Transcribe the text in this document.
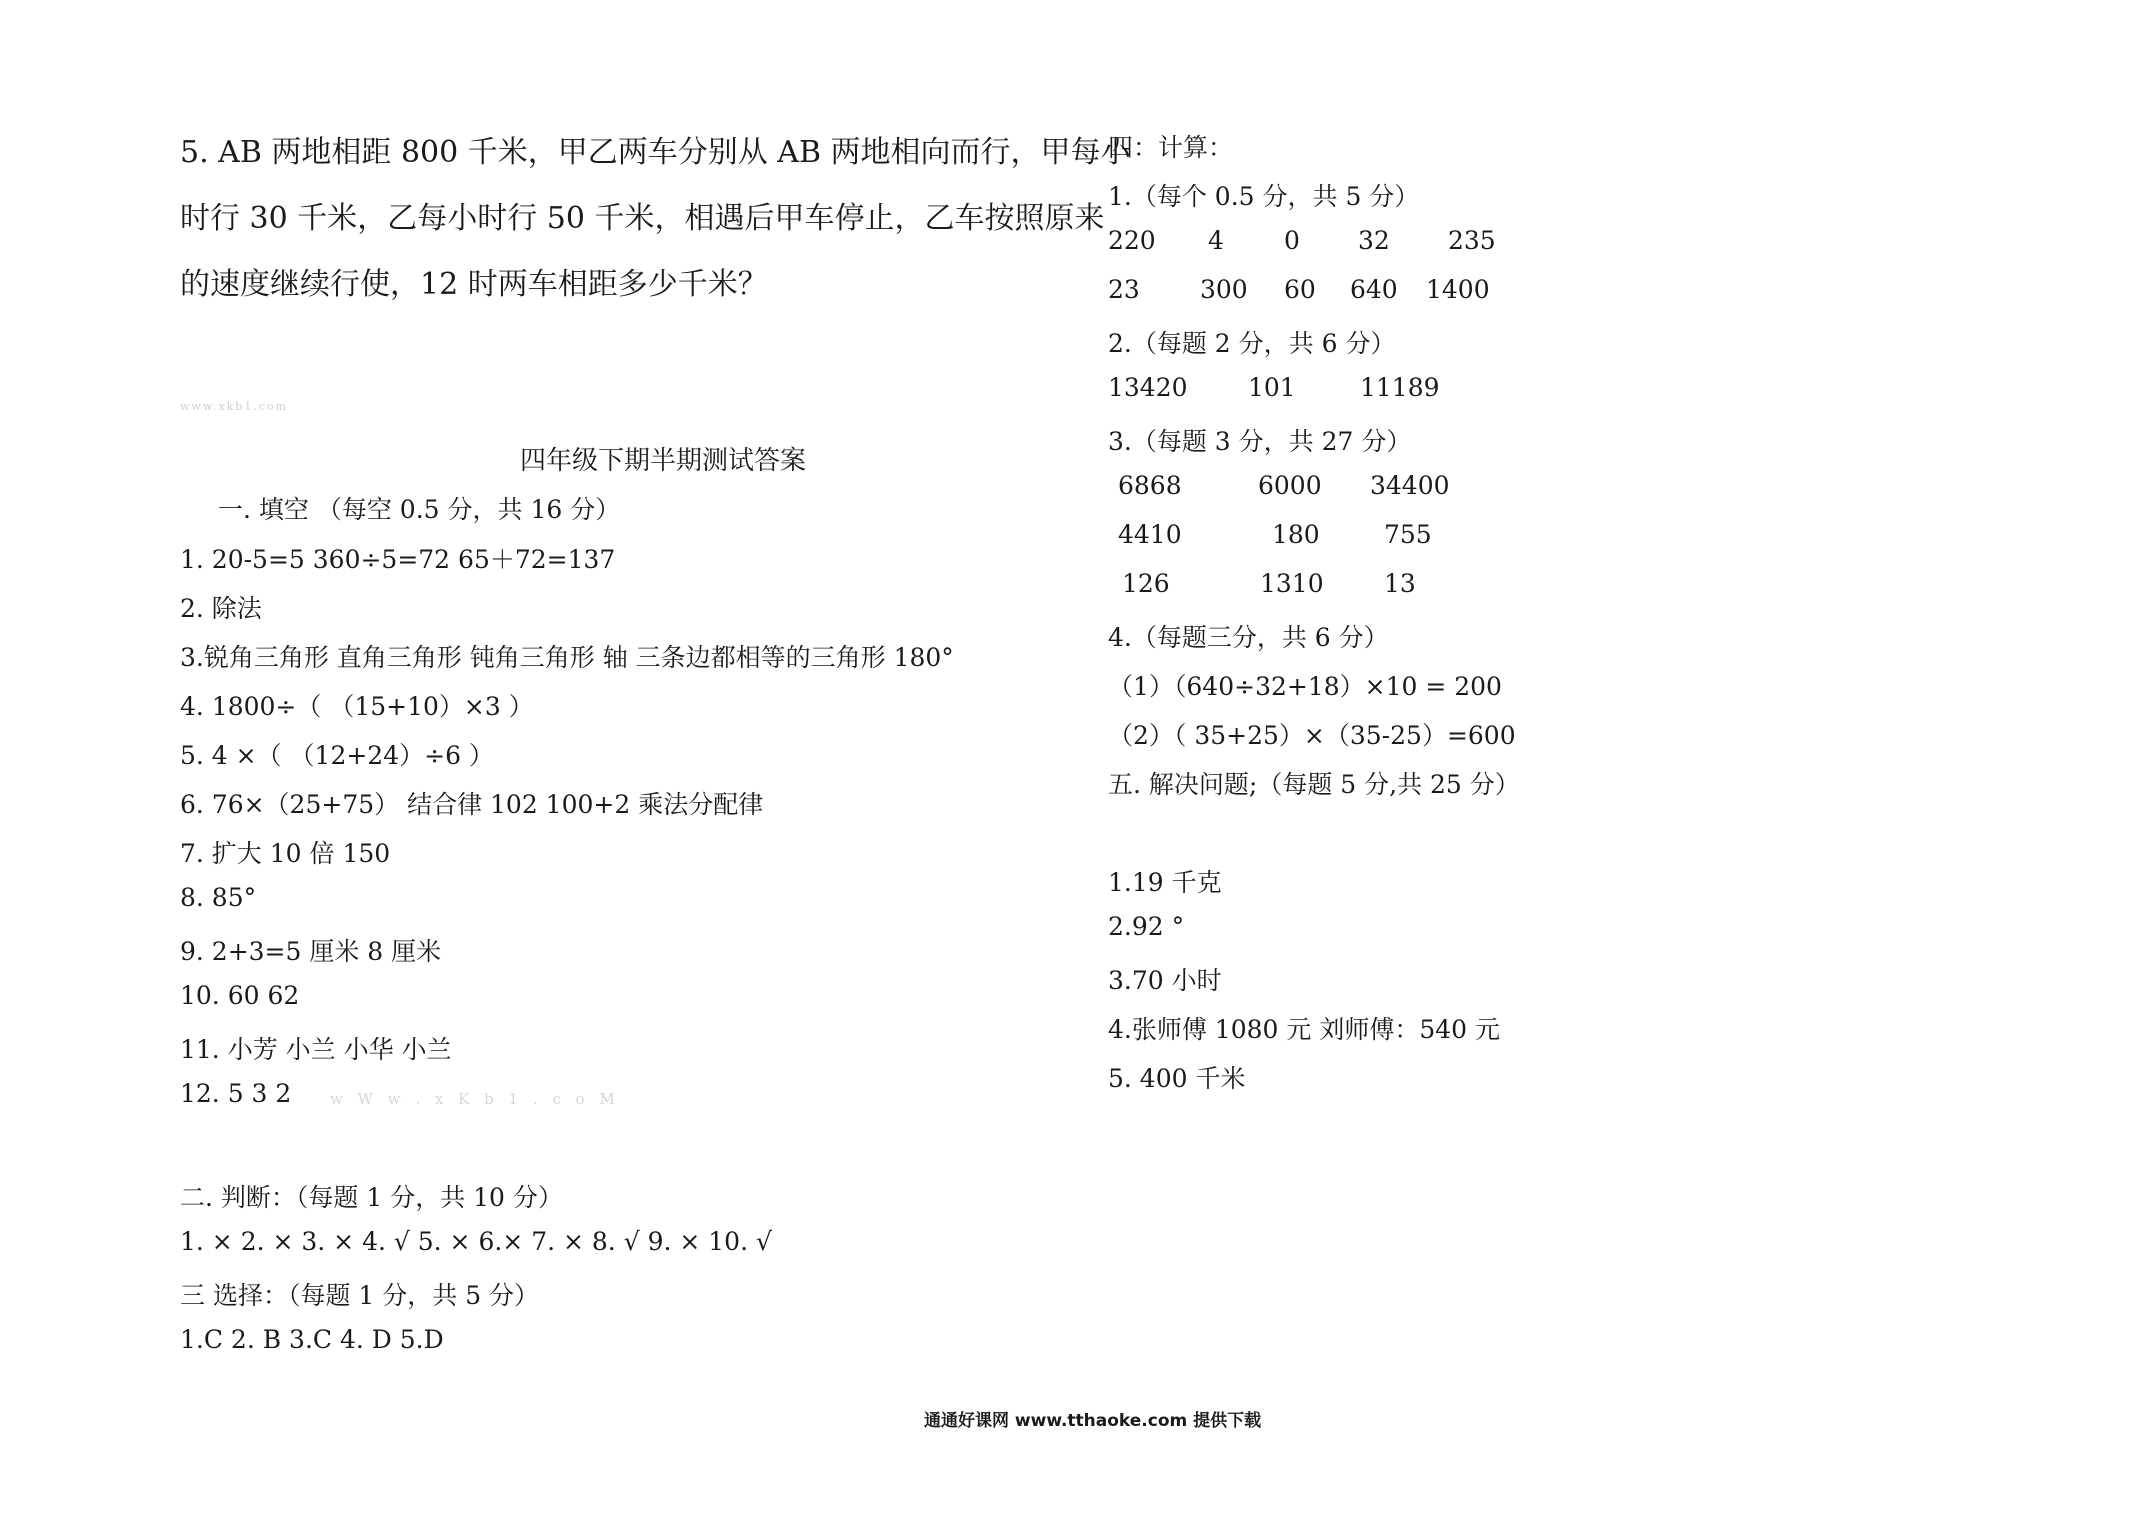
5. AB 两地相距 800 千米，甲乙两车分别从 AB 两地相向而行，甲每小
时行 30 千米，乙每小时行 50 千米，相遇后甲车停止，乙车按照原来
的速度继续行使，12 时两车相距多少千米？
www.xkb1.com
四年级下期半期测试答案
一. 填空 （每空 0.5 分，共 16 分）
1. 20-5=5 360÷5=72 65＋72=137
2. 除法
3.锐角三角形 直角三角形 钝角三角形 轴 三条边都相等的三角形 180°
4. 1800÷（ （15+10）×3 ）
5. 4 ×（ （12+24）÷6 ）
6. 76×（25+75） 结合律 102 100+2 乘法分配律
7. 扩大 10 倍 150
8. 85°
9. 2+3=5 厘米 8 厘米
10. 60 62
11. 小芳 小兰 小华 小兰
12. 5 3 2	w W w . x K b 1 . c o M
二. 判断：（每题 1 分，共 10 分）
1. × 2. × 3. × 4. √ 5. × 6.× 7. × 8. √ 9. × 10. √
三 选择：（每题 1 分，共 5 分）
1.C 2. B 3.C 4. D 5.D
四：计算：
1.（每个 0.5 分，共 5 分）
220 4 0 32 235
23 300 60 640 1400
2.（每题 2 分，共 6 分）
13420 101	11189
3.（每题 3 分，共 27 分）
6868	6000 34400
4410	180	755
126	1310 13
4.（每题三分，共 6 分）
（1）（640÷32+18）×10 = 200
（2）（ 35+25）×（35-25）=600
五. 解决问题;（每题 5 分,共 25 分）
1.19 千克
2.92 °
3.70 小时
4.张师傅 1080 元 刘师傅：540 元
5. 400 千米
通通好课网 www.tthaoke.com 提供下载
